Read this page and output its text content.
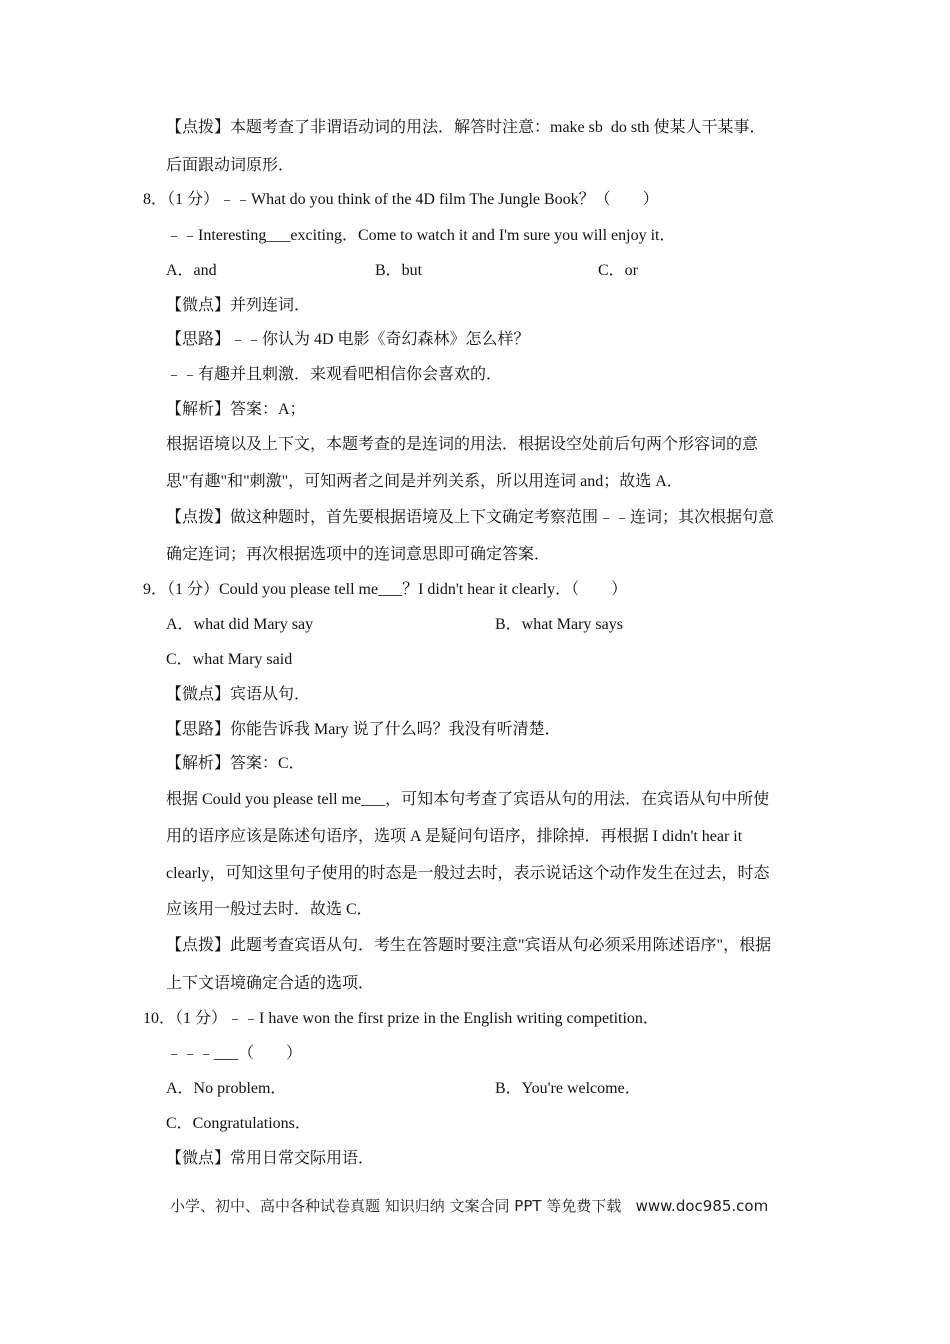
【点拨】本题考查了非谓语动词的用法．解答时注意：make sb  do sth 使某人干某事．
后面跟动词原形．
8．（1 分）﹣﹣What do you think of the 4D film The Jungle Book？（　　）
﹣﹣Interesting___exciting．Come to watch it and I'm sure you will enjoy it．
A．and	B．but	C．or
【微点】并列连词．
【思路】﹣﹣你认为 4D 电影《奇幻森林》怎么样？
﹣﹣有趣并且刺激．来观看吧相信你会喜欢的．
【解析】答案：A；
根据语境以及上下文，本题考查的是连词的用法．根据设空处前后句两个形容词的意
思"有趣"和"刺激"，可知两者之间是并列关系，所以用连词 and；故选 A．
【点拨】做这种题时，首先要根据语境及上下文确定考察范围﹣﹣连词；其次根据句意
确定连词；再次根据选项中的连词意思即可确定答案．
9．（1 分）Could you please tell me___？I didn't hear it clearly．（　　）
A．what did Mary say	B．what Mary says
C．what Mary said
【微点】宾语从句．
【思路】你能告诉我 Mary 说了什么吗？我没有听清楚．
【解析】答案：C．
根据 Could you please tell me___，可知本句考查了宾语从句的用法．在宾语从句中所使
用的语序应该是陈述句语序，选项 A 是疑问句语序，排除掉．再根据 I didn't hear it
clearly，可知这里句子使用的时态是一般过去时，表示说话这个动作发生在过去，时态
应该用一般过去时．故选 C．
【点拨】此题考查宾语从句．考生在答题时要注意"宾语从句必须采用陈述语序"，根据
上下文语境确定合适的选项．
10．（1 分）﹣﹣I have won the first prize in the English writing competition．
﹣﹣﹣___（　　）
A．No problem．	B．You're welcome．
C．Congratulations．
【微点】常用日常交际用语．
小学、初中、高中各种试卷真题 知识归纳 文案合同 PPT 等免费下载   www.doc985.com
